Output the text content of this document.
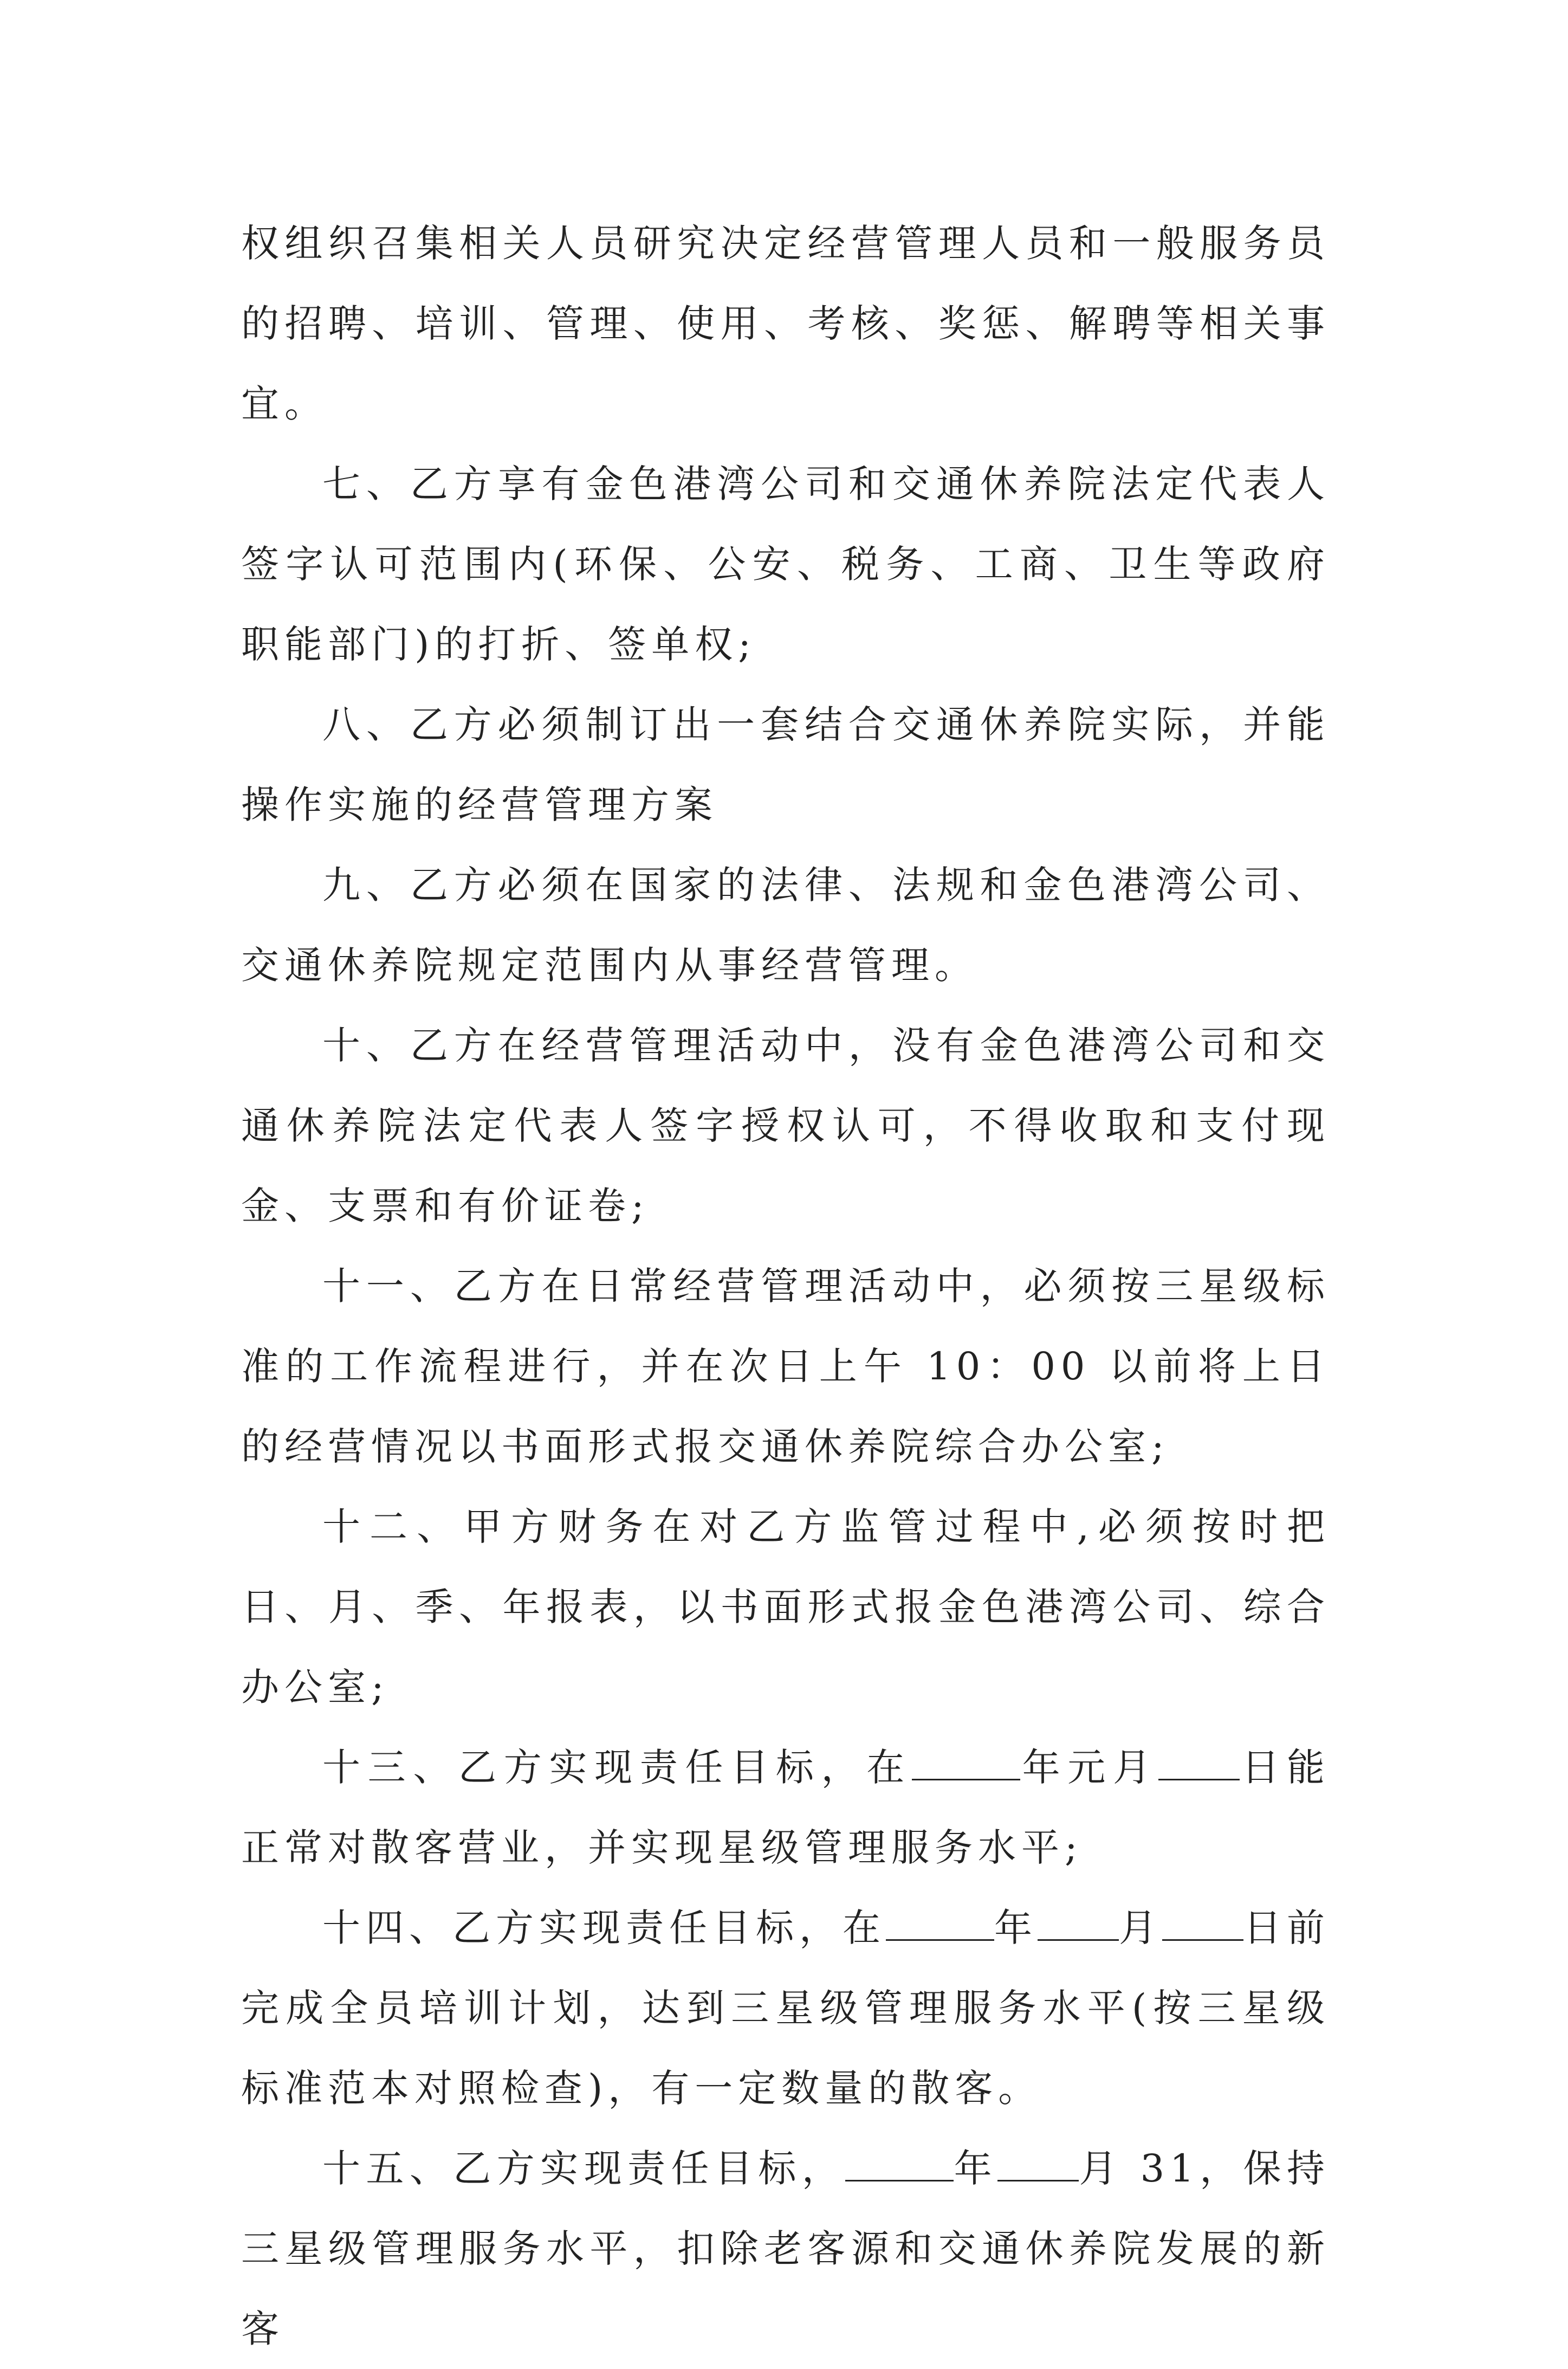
权组织召集相关人员研究决定经营管理人员和一般服务员的招聘、培训、管理、使用、考核、奖惩、解聘等相关事宜。

七、乙方享有金色港湾公司和交通休养院法定代表人签字认可范围内(环保、公安、税务、工商、卫生等政府职能部门)的打折、签单权;

八、乙方必须制订出一套结合交通休养院实际，并能操作实施的经营管理方案

九、乙方必须在国家的法律、法规和金色港湾公司、交通休养院规定范围内从事经营管理。

十、乙方在经营管理活动中，没有金色港湾公司和交通休养院法定代表人签字授权认可，不得收取和支付现金、支票和有价证卷;

十一、乙方在日常经营管理活动中，必须按三星级标准的工作流程进行，并在次日上午 10：00 以前将上日的经营情况以书面形式报交通休养院综合办公室;

十二、甲方财务在对乙方监管过程中,必须按时把日、月、季、年报表，以书面形式报金色港湾公司、综合办公室;

十三、乙方实现责任目标，在	年元月 日能正常对散客营业，并实现星级管理服务水平;

十四、乙方实现责任目标，在	年 月 日前完成全员培训计划，达到三星级管理服务水平(按三星级标准范本对照检查)，有一定数量的散客。

十五、乙方实现责任目标，	年 月 31，保持三星级管理服务水平，扣除老客源和交通休养院发展的新客
